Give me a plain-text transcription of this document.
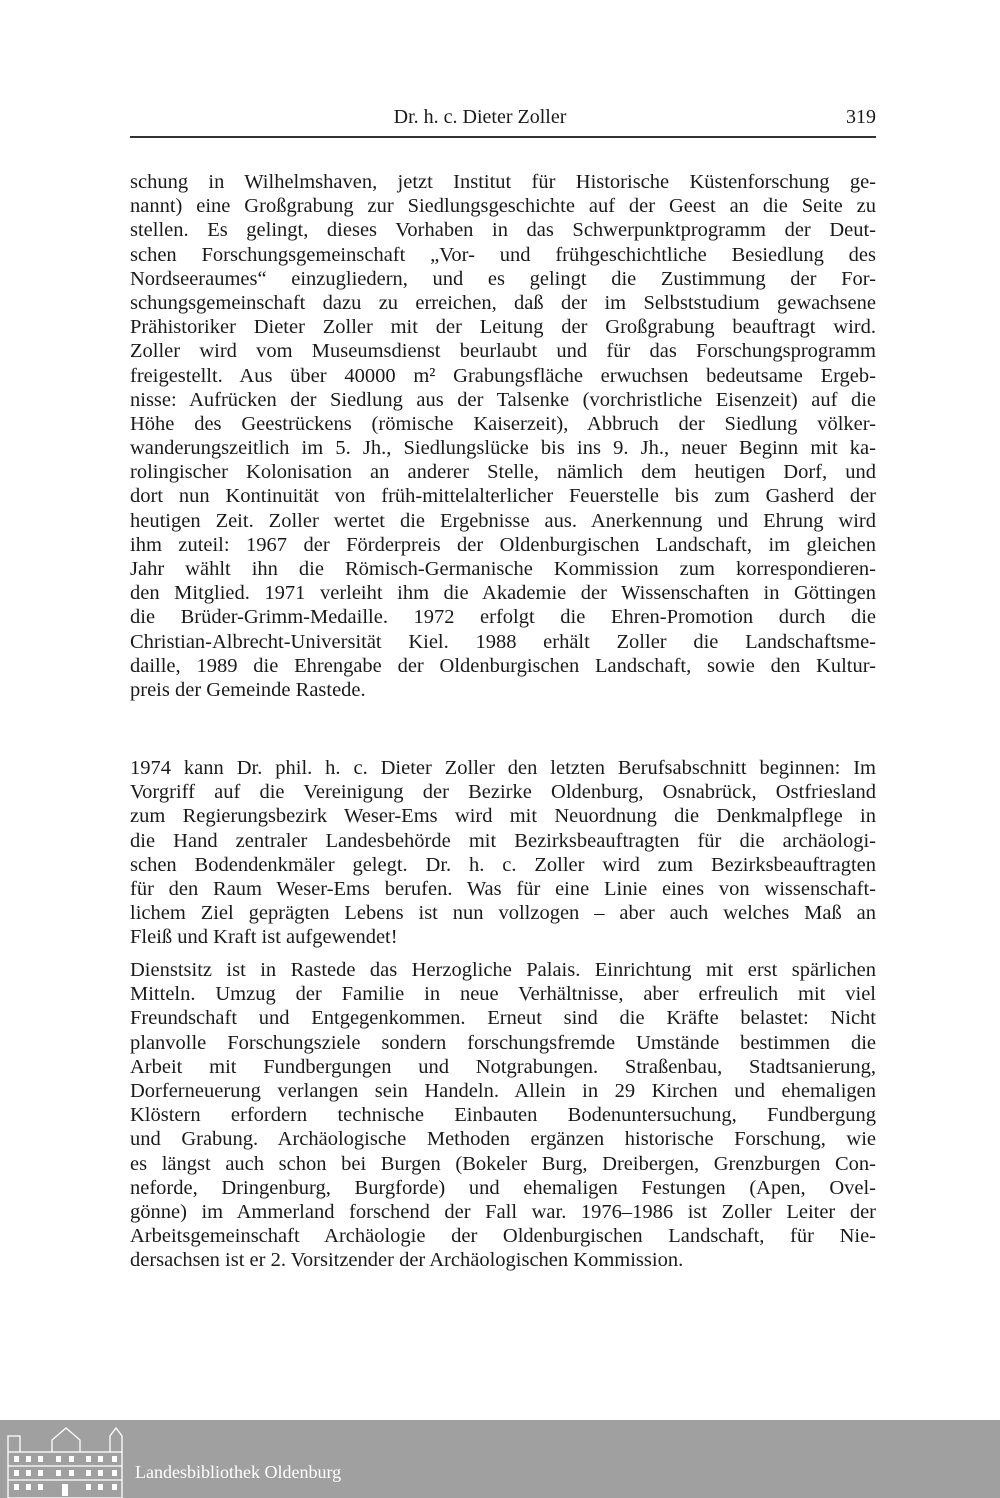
Dr. h. c. Dieter Zoller	319
schung in Wilhelmshaven, jetzt Institut für Historische Küstenforschung ge-
nannt) eine Großgrabung zur Siedlungsgeschichte auf der Geest an die Seite zu
stellen. Es gelingt, dieses Vorhaben in das Schwerpunktprogramm der Deut-
schen Forschungsgemeinschaft „Vor- und frühgeschichtliche Besiedlung des
Nordseeraumes“ einzugliedern, und es gelingt die Zustimmung der For-
schungsgemeinschaft dazu zu erreichen, daß der im Selbststudium gewachsene
Prähistoriker Dieter Zoller mit der Leitung der Großgrabung beauftragt wird.
Zoller wird vom Museumsdienst beurlaubt und für das Forschungsprogramm
freigestellt. Aus über 40000 m² Grabungsfläche erwuchsen bedeutsame Ergeb-
nisse: Aufrücken der Siedlung aus der Talsenke (vorchristliche Eisenzeit) auf die
Höhe des Geestrückens (römische Kaiserzeit), Abbruch der Siedlung völker-
wanderungszeitlich im 5. Jh., Siedlungslücke bis ins 9. Jh., neuer Beginn mit ka-
rolingischer Kolonisation an anderer Stelle, nämlich dem heutigen Dorf, und
dort nun Kontinuität von früh-mittelalterlicher Feuerstelle bis zum Gasherd der
heutigen Zeit. Zoller wertet die Ergebnisse aus. Anerkennung und Ehrung wird
ihm zuteil: 1967 der Förderpreis der Oldenburgischen Landschaft, im gleichen
Jahr wählt ihn die Römisch-Germanische Kommission zum korrespondieren-
den Mitglied. 1971 verleiht ihm die Akademie der Wissenschaften in Göttingen
die Brüder-Grimm-Medaille. 1972 erfolgt die Ehren-Promotion durch die
Christian-Albrecht-Universität Kiel. 1988 erhält Zoller die Landschaftsme-
daille, 1989 die Ehrengabe der Oldenburgischen Landschaft, sowie den Kultur-
preis der Gemeinde Rastede.
1974 kann Dr. phil. h. c. Dieter Zoller den letzten Berufsabschnitt beginnen: Im
Vorgriff auf die Vereinigung der Bezirke Oldenburg, Osnabrück, Ostfriesland
zum Regierungsbezirk Weser-Ems wird mit Neuordnung die Denkmalpflege in
die Hand zentraler Landesbehörde mit Bezirksbeauftragten für die archäologi-
schen Bodendenkmäler gelegt. Dr. h. c. Zoller wird zum Bezirksbeauftragten
für den Raum Weser-Ems berufen. Was für eine Linie eines von wissenschaft-
lichem Ziel geprägten Lebens ist nun vollzogen – aber auch welches Maß an
Fleiß und Kraft ist aufgewendet!
Dienstsitz ist in Rastede das Herzogliche Palais. Einrichtung mit erst spärlichen
Mitteln. Umzug der Familie in neue Verhältnisse, aber erfreulich mit viel
Freundschaft und Entgegenkommen. Erneut sind die Kräfte belastet: Nicht
planvolle Forschungsziele sondern forschungsfremde Umstände bestimmen die
Arbeit mit Fundbergungen und Notgrabungen. Straßenbau, Stadtsanierung,
Dorferneuerung verlangen sein Handeln. Allein in 29 Kirchen und ehemaligen
Klöstern erfordern technische Einbauten Bodenuntersuchung, Fundbergung
und Grabung. Archäologische Methoden ergänzen historische Forschung, wie
es längst auch schon bei Burgen (Bokeler Burg, Dreibergen, Grenzburgen Con-
neforde, Dringenburg, Burgforde) und ehemaligen Festungen (Apen, Ovel-
gönne) im Ammerland forschend der Fall war. 1976–1986 ist Zoller Leiter der
Arbeitsgemeinschaft Archäologie der Oldenburgischen Landschaft, für Nie-
dersachsen ist er 2. Vorsitzender der Archäologischen Kommission.
Landesbibliothek Oldenburg
